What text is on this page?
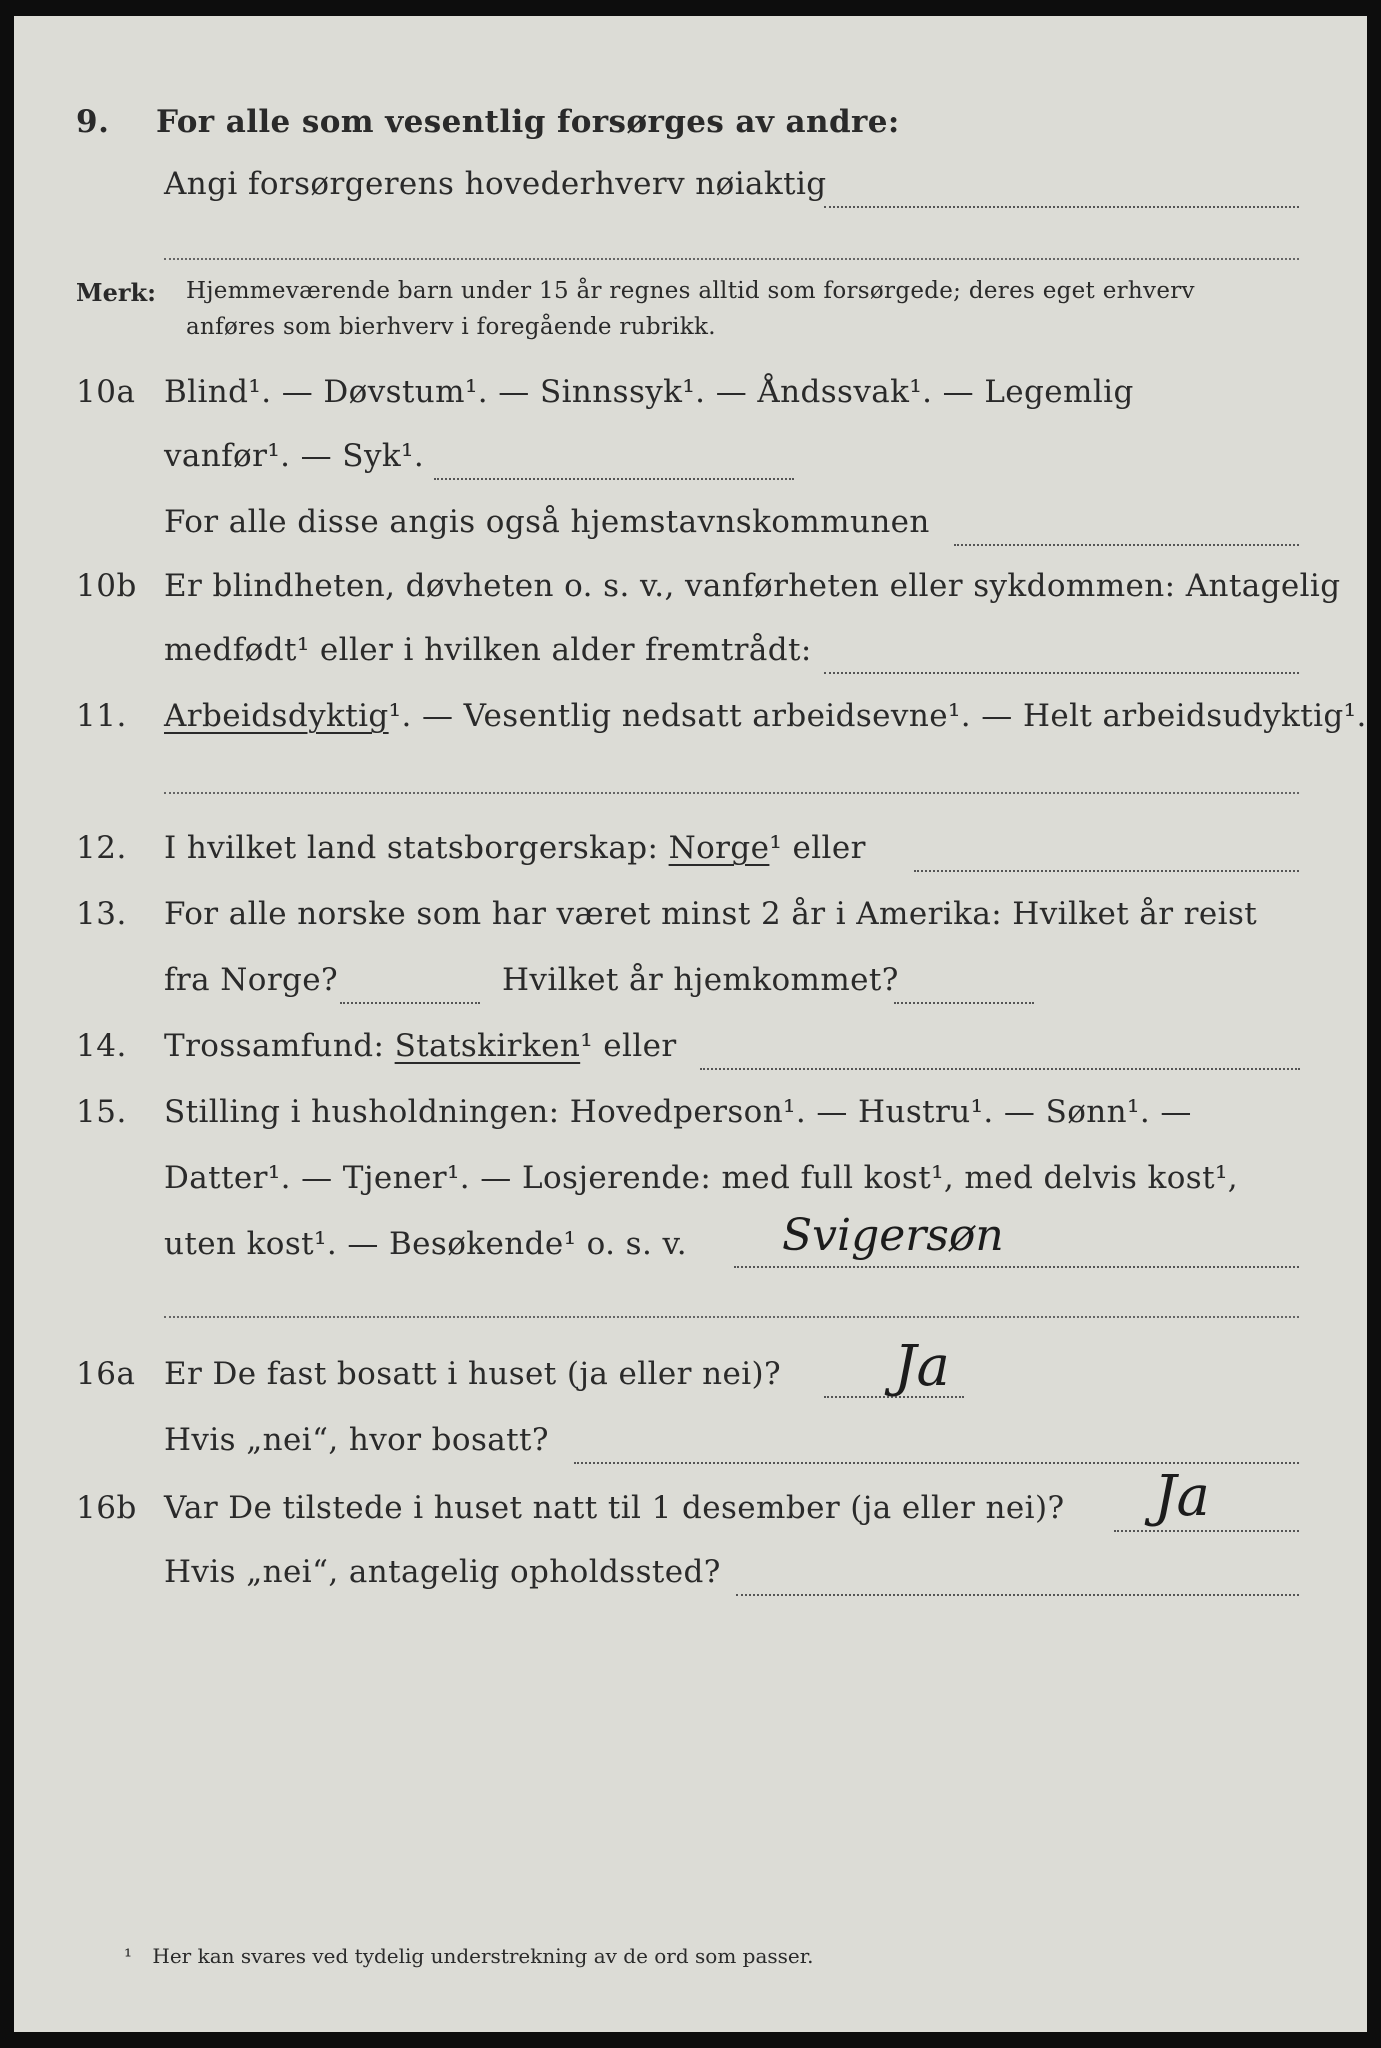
9. For alle som vesentlig forsørges av andre:
Angi forsørgerens hovederhverv nøiaktig
Merk: Hjemmeværende barn under 15 år regnes alltid som forsørgede; deres eget erhverv
anføres som bierhverv i foregående rubrikk.
10a Blind¹. — Døvstum¹. — Sinnssyk¹. — Åndssvak¹. — Legemlig
vanfør¹. — Syk¹.
For alle disse angis også hjemstavnskommunen
10b Er blindheten, døvheten o. s. v., vanførheten eller sykdommen: Antagelig
medfødt¹ eller i hvilken alder fremtrådt:
11. Arbeidsdyktig¹. — Vesentlig nedsatt arbeidsevne¹. — Helt arbeidsudyktig¹.
12. I hvilket land statsborgerskap: Norge¹ eller
13. For alle norske som har været minst 2 år i Amerika: Hvilket år reist
fra Norge?	Hvilket år hjemkommet?
14. Trossamfund: Statskirken¹ eller
15. Stilling i husholdningen: Hovedperson¹. — Hustru¹. — Sønn¹. —
Datter¹. — Tjener¹. — Losjerende: med full kost¹, med delvis kost¹,
uten kost¹. — Besøkende¹ o. s. v. Svigersøn
16a Er De fast bosatt i huset (ja eller nei)? Ja
Hvis „nei“, hvor bosatt?
16b Var De tilstede i huset natt til 1 desember (ja eller nei)? Ja
Hvis „nei“, antagelig opholdssted?
¹ Her kan svares ved tydelig understrekning av de ord som passer.
